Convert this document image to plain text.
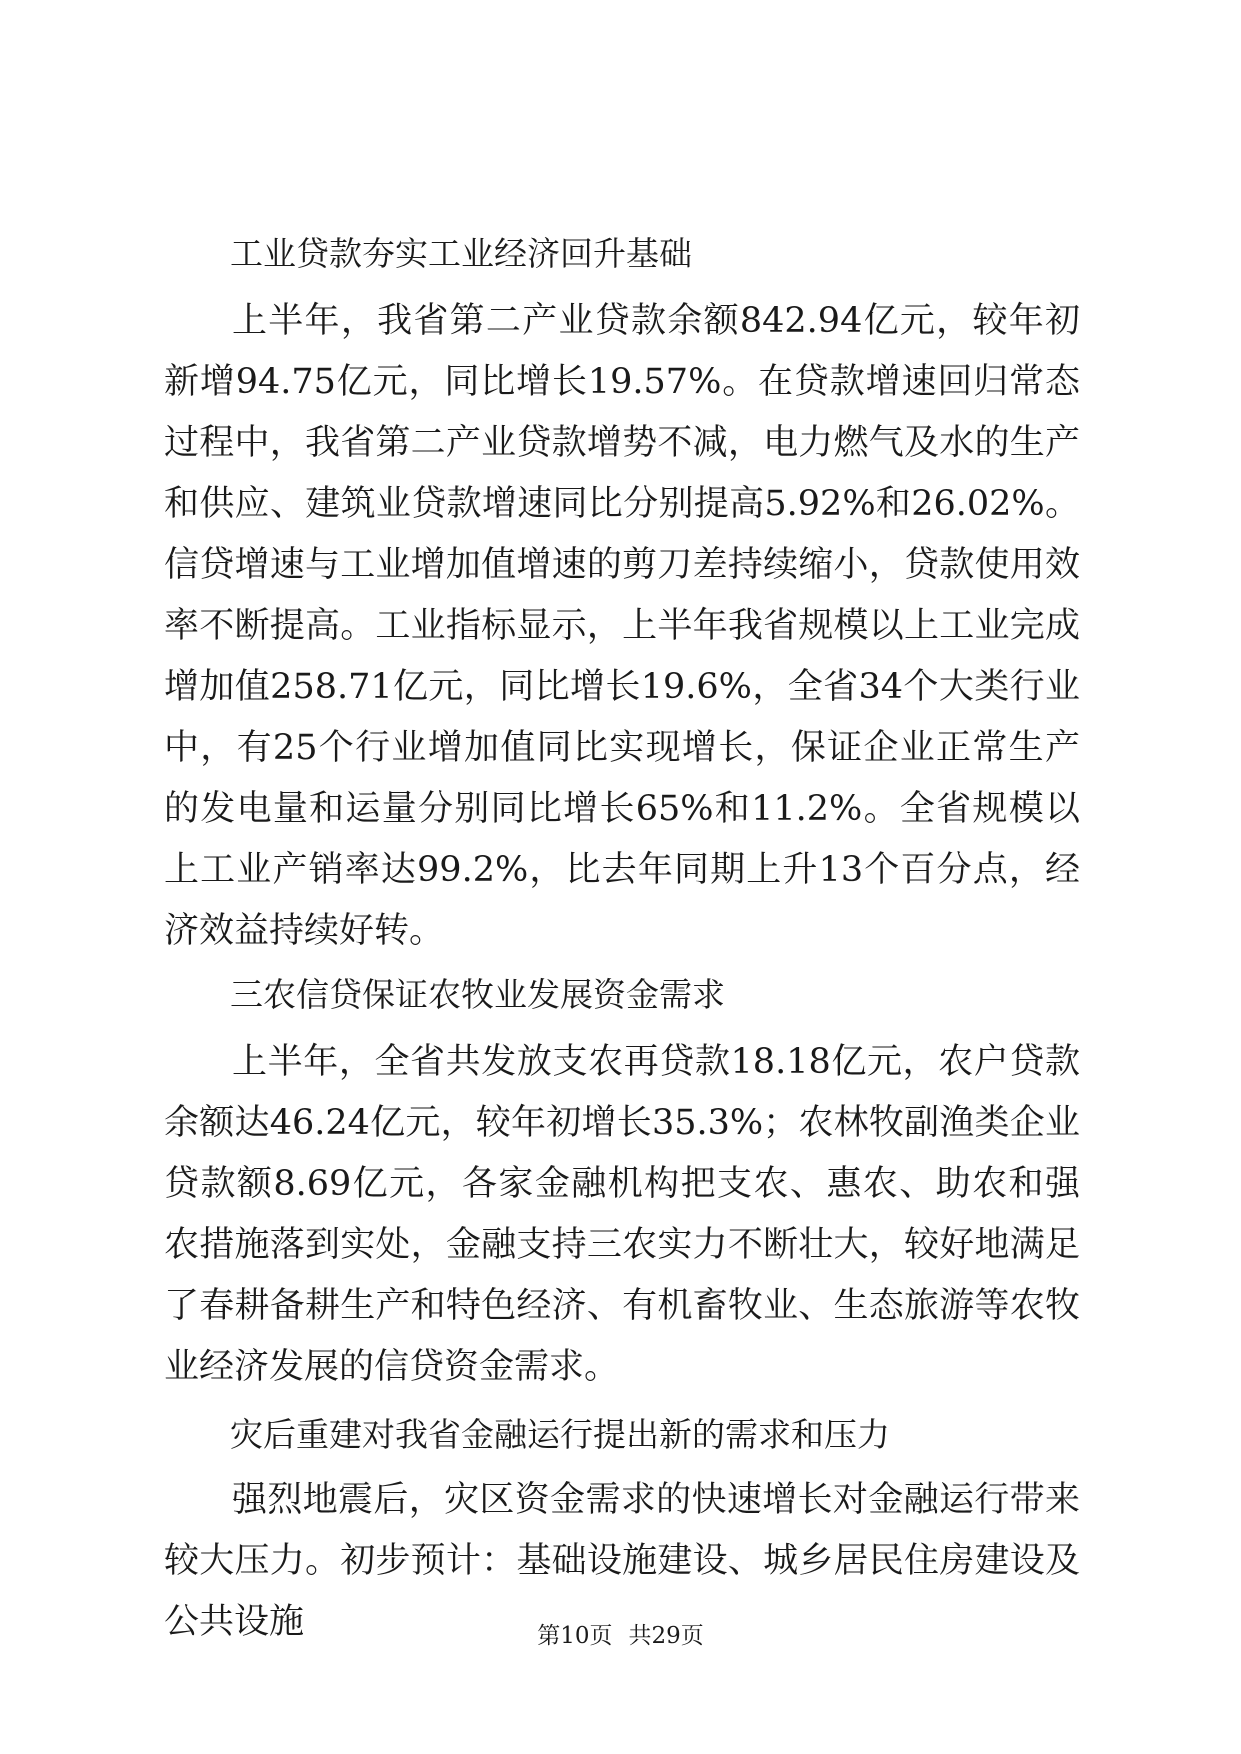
工业贷款夯实工业经济回升基础

上半年，我省第二产业贷款余额842.94亿元，较年初新增94.75亿元，同比增长19.57%。在贷款增速回归常态过程中，我省第二产业贷款增势不减，电力燃气及水的生产和供应、建筑业贷款增速同比分别提高5.92%和26.02%。信贷增速与工业增加值增速的剪刀差持续缩小，贷款使用效率不断提高。工业指标显示，上半年我省规模以上工业完成增加值258.71亿元，同比增长19.6%，全省34个大类行业中，有25个行业增加值同比实现增长，保证企业正常生产的发电量和运量分别同比增长65%和11.2%。全省规模以上工业产销率达99.2%，比去年同期上升13个百分点，经济效益持续好转。

三农信贷保证农牧业发展资金需求

上半年，全省共发放支农再贷款18.18亿元，农户贷款余额达46.24亿元，较年初增长35.3%；农林牧副渔类企业贷款额8.69亿元，各家金融机构把支农、惠农、助农和强农措施落到实处，金融支持三农实力不断壮大，较好地满足了春耕备耕生产和特色经济、有机畜牧业、生态旅游等农牧业经济发展的信贷资金需求。

灾后重建对我省金融运行提出新的需求和压力

强烈地震后，灾区资金需求的快速增长对金融运行带来较大压力。初步预计：基础设施建设、城乡居民住房建设及公共设施	第10页 共29页
